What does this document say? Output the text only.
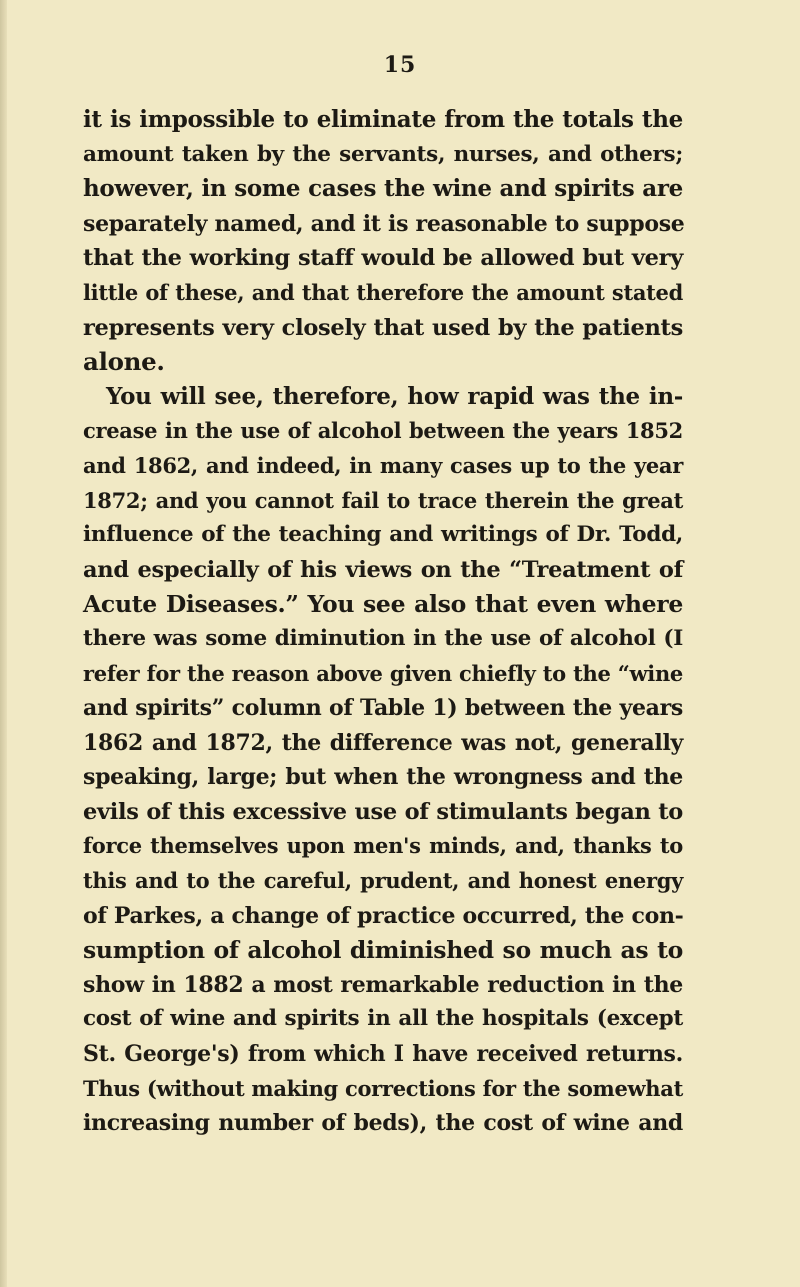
15
it is impossible to eliminate from the totals the
amount taken by the servants, nurses, and others;
however, in some cases the wine and spirits are
separately named, and it is reasonable to suppose
that the working staff would be allowed but very
little of these, and that therefore the amount stated
represents very closely that used by the patients
alone.
You will see, therefore, how rapid was the in-
crease in the use of alcohol between the years 1852
and 1862, and indeed, in many cases up to the year
1872; and you cannot fail to trace therein the great
influence of the teaching and writings of Dr. Todd,
and especially of his views on the “Treatment of
Acute Diseases.” You see also that even where
there was some diminution in the use of alcohol (I
refer for the reason above given chiefly to the “wine
and spirits” column of Table 1) between the years
1862 and 1872, the difference was not, generally
speaking, large; but when the wrongness and the
evils of this excessive use of stimulants began to
force themselves upon men's minds, and, thanks to
this and to the careful, prudent, and honest energy
of Parkes, a change of practice occurred, the con-
sumption of alcohol diminished so much as to
show in 1882 a most remarkable reduction in the
cost of wine and spirits in all the hospitals (except
St. George's) from which I have received returns.
Thus (without making corrections for the somewhat
increasing number of beds), the cost of wine and
